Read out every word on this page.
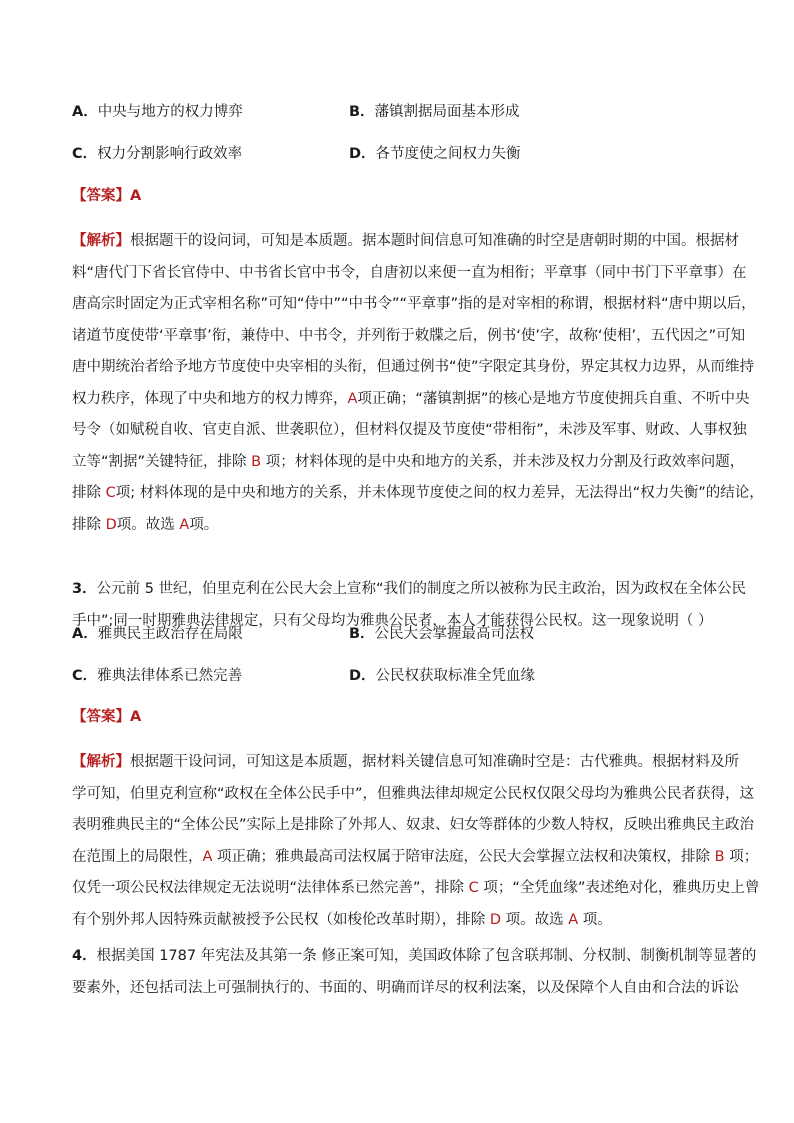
A．中央与地方的权力博弈	B．藩镇割据局面基本形成
C．权力分割影响行政效率	D．各节度使之间权力失衡
【答案】A
【解析】根据题干的设问词，可知是本质题。据本题时间信息可知准确的时空是唐朝时期的中国。根据材
料“唐代门下省长官侍中、中书省长官中书令，自唐初以来便一直为相衔；平章事（同中书门下平章事）在
唐高宗时固定为正式宰相名称”可知“侍中”“中书令”“平章事”指的是对宰相的称谓，根据材料“唐中期以后，
诸道节度使带‘平章事’衔，兼侍中、中书令，并列衔于敕牒之后，例书‘使’字，故称‘使相’，五代因之”可知
唐中期统治者给予地方节度使中央宰相的头衔，但通过例书“使”字限定其身份，界定其权力边界，从而维持
权力秩序，体现了中央和地方的权力博弈，A项正确；“藩镇割据”的核心是地方节度使拥兵自重、不听中央
号令（如赋税自收、官吏自派、世袭职位），但材料仅提及节度使“带相衔”，未涉及军事、财政、人事权独
立等“割据”关键特征，排除 B 项；材料体现的是中央和地方的关系，并未涉及权力分割及行政效率问题，
排除 C项; 材料体现的是中央和地方的关系，并未体现节度使之间的权力差异，无法得出“权力失衡”的结论，
排除 D项。故选 A项。
3．公元前 5 世纪，伯里克利在公民大会上宣称“我们的制度之所以被称为民主政治，因为政权在全体公民
手中”;同一时期雅典法律规定，只有父母均为雅典公民者，本人才能获得公民权。这一现象说明（ ）
A．雅典民主政治存在局限	B．公民大会掌握最高司法权
C．雅典法律体系已然完善	D．公民权获取标准全凭血缘
【答案】A
【解析】根据题干设问词，可知这是本质题，据材料关键信息可知准确时空是：古代雅典。根据材料及所
学可知，伯里克利宣称“政权在全体公民手中”，但雅典法律却规定公民权仅限父母均为雅典公民者获得，这
表明雅典民主的“全体公民”实际上是排除了外邦人、奴隶、妇女等群体的少数人特权，反映出雅典民主政治
在范围上的局限性，A 项正确；雅典最高司法权属于陪审法庭，公民大会掌握立法权和决策权，排除 B 项；
仅凭一项公民权法律规定无法说明“法律体系已然完善”，排除 C 项；“全凭血缘”表述绝对化，雅典历史上曾
有个别外邦人因特殊贡献被授予公民权（如梭伦改革时期），排除 D 项。故选 A 项。
4．根据美国 1787 年宪法及其第一条 修正案可知，美国政体除了包含联邦制、分权制、制衡机制等显著的
要素外，还包括司法上可强制执行的、书面的、明确而详尽的权利法案，以及保障个人自由和合法的诉讼
